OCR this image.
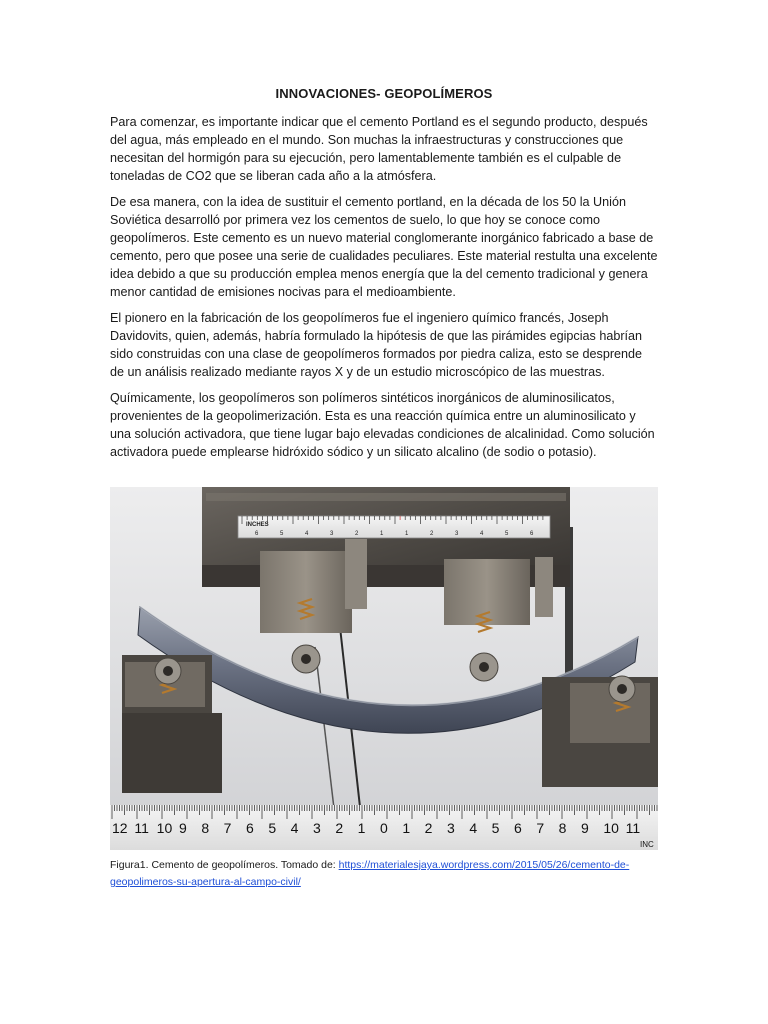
INNOVACIONES- GEOPOLÍMEROS

Para comenzar, es importante indicar que el cemento Portland es el segundo producto, después del agua, más empleado en el mundo. Son muchas la infraestructuras y construcciones que necesitan del hormigón para su ejecución, pero lamentablemente también es el culpable de toneladas de CO2 que se liberan cada año a la atmósfera.

De esa manera, con la idea de sustituir el cemento portland, en la década de los 50 la Unión Soviética desarrolló por primera vez los cementos de suelo, lo que hoy se conoce como geopolímeros. Este cemento es un nuevo material conglomerante inorgánico fabricado a base de cemento, pero que posee una serie de cualidades peculiares. Este material restulta una excelente idea debido a que su producción emplea menos energía que la del cemento tradicional y genera menor cantidad de emisiones nocivas para el medioambiente.

El pionero en la fabricación de los geopolímeros fue el ingeniero químico francés, Joseph Davidovits, quien, además, habría formulado la hipótesis de que las pirámides egipcias habrían sido construidas con una clase de geopolímeros formados por piedra caliza, esto se desprende de un análisis realizado mediante rayos X y de un estudio microscópico de las muestras.

Químicamente, los geopolímeros son polímeros sintéticos inorgánicos de aluminosilicatos, provenientes de la geopolimerización. Esta es una reacción química entre un aluminosilicato y una solución activadora, que tiene lugar bajo elevadas condiciones de alcalinidad. Como solución activadora puede emplearse hidróxido sódico y un silicato alcalino (de sodio o potasio).

INCHES
6	5	4	3	2	1	1	2	3	4	5	6
12 11 10 9 8 7 6 5 4 3 2 1 0 1 2 3 4 5 6 7 8 9 10 11
INC
Figura1. Cemento de geopolímeros. Tomado de: https://materialesjaya.wordpress.com/2015/05/26/cemento-de-geopolimeros-su-apertura-al-campo-civil/
